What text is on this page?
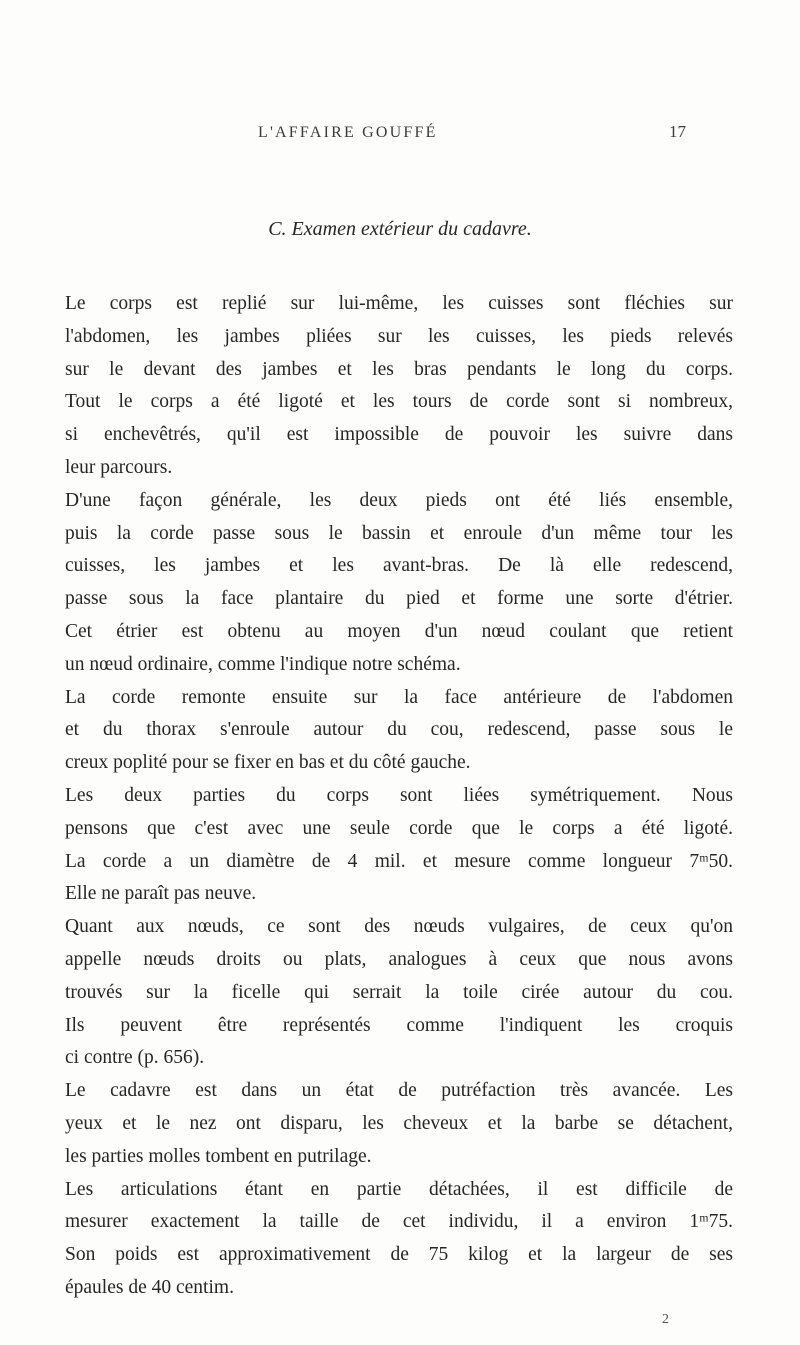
L'AFFAIRE GOUFFÉ	17
C. Examen extérieur du cadavre.
Le corps est replié sur lui-même, les cuisses sont fléchies sur
l'abdomen, les jambes pliées sur les cuisses, les pieds relevés
sur le devant des jambes et les bras pendants le long du corps.
Tout le corps a été ligoté et les tours de corde sont si nombreux,
si enchevêtrés, qu'il est impossible de pouvoir les suivre dans
leur parcours.
D'une façon générale, les deux pieds ont été liés ensemble,
puis la corde passe sous le bassin et enroule d'un même tour les
cuisses, les jambes et les avant-bras. De là elle redescend,
passe sous la face plantaire du pied et forme une sorte d'étrier.
Cet étrier est obtenu au moyen d'un nœud coulant que retient
un nœud ordinaire, comme l'indique notre schéma.
La corde remonte ensuite sur la face antérieure de l'abdomen
et du thorax s'enroule autour du cou, redescend, passe sous le
creux poplité pour se fixer en bas et du côté gauche.
Les deux parties du corps sont liées symétriquement. Nous
pensons que c'est avec une seule corde que le corps a été ligoté.
La corde a un diamètre de 4 mil. et mesure comme longueur 7ᵐ50.
Elle ne paraît pas neuve.
Quant aux nœuds, ce sont des nœuds vulgaires, de ceux qu'on
appelle nœuds droits ou plats, analogues à ceux que nous avons
trouvés sur la ficelle qui serrait la toile cirée autour du cou.
Ils peuvent être représentés comme l'indiquent les croquis
ci contre (p. 656).
Le cadavre est dans un état de putréfaction très avancée. Les
yeux et le nez ont disparu, les cheveux et la barbe se détachent,
les parties molles tombent en putrilage.
Les articulations étant en partie détachées, il est difficile de
mesurer exactement la taille de cet individu, il a environ 1ᵐ75.
Son poids est approximativement de 75 kilog et la largeur de ses
épaules de 40 centim.
2
